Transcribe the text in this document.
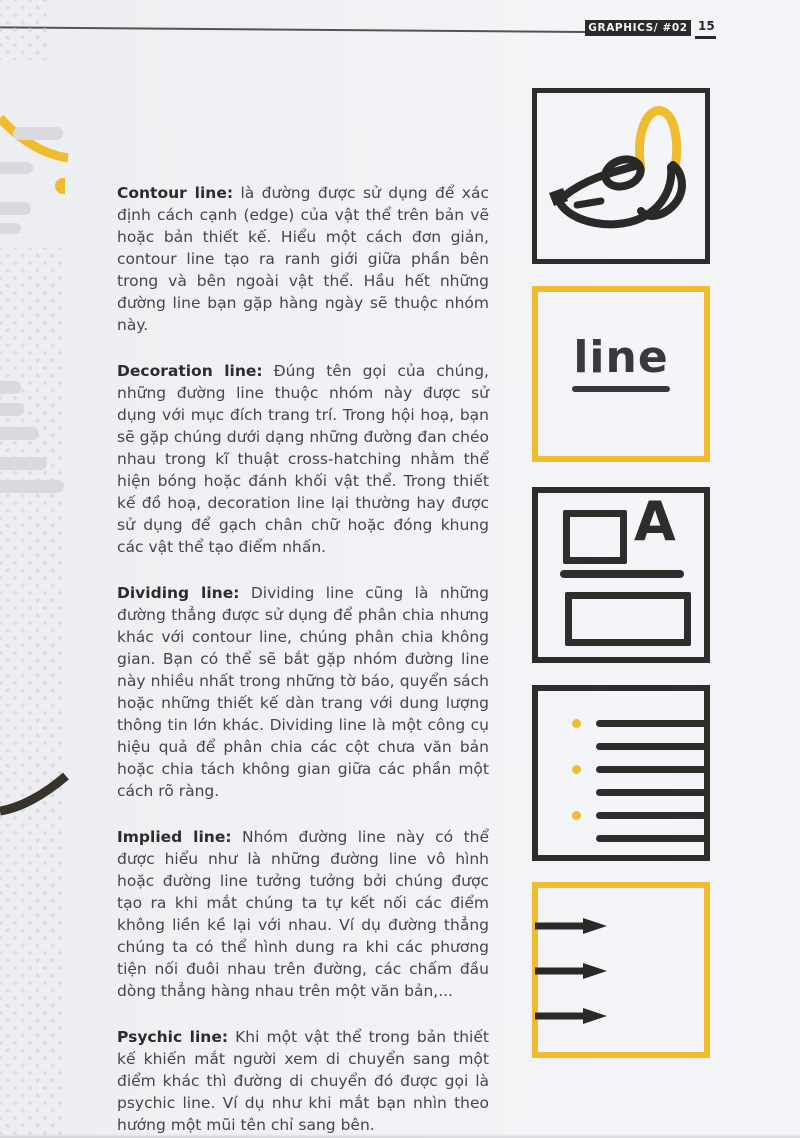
GRAPHICS/ #02 15

Contour line: là đường được sử dụng để xác định cách cạnh (edge) của vật thể trên bản vẽ hoặc bản thiết kế. Hiểu một cách đơn giản, contour line tạo ra ranh giới giữa phần bên trong và bên ngoài vật thể. Hầu hết những đường line bạn gặp hàng ngày sẽ thuộc nhóm này.

Decoration line: Đúng tên gọi của chúng, những đường line thuộc nhóm này được sử dụng với mục đích trang trí. Trong hội hoạ, bạn sẽ gặp chúng dưới dạng những đường đan chéo nhau trong kĩ thuật cross-hatching nhằm thể hiện bóng hoặc đánh khối vật thể. Trong thiết kế đồ hoạ, decoration line lại thường hay được sử dụng để gạch chân chữ hoặc đóng khung các vật thể tạo điểm nhấn.

Dividing line: Dividing line cũng là những đường thẳng được sử dụng để phân chia nhưng khác với contour line, chúng phân chia không gian. Bạn có thể sẽ bắt gặp nhóm đường line này nhiều nhất trong những tờ báo, quyển sách hoặc những thiết kế dàn trang với dung lượng thông tin lớn khác. Dividing line là một công cụ hiệu quả để phân chia các cột chưa văn bản hoặc chia tách không gian giữa các phần một cách rõ ràng.

Implied line: Nhóm đường line này có thể được hiểu như là những đường line vô hình hoặc đường line tưởng tưởng bởi chúng được tạo ra khi mắt chúng ta tự kết nối các điểm không liền kề lại với nhau. Ví dụ đường thẳng chúng ta có thể hình dung ra khi các phương tiện nối đuôi nhau trên đường, các chấm đầu dòng thẳng hàng nhau trên một văn bản,...

Psychic line: Khi một vật thể trong bản thiết kế khiến mắt người xem di chuyển sang một điểm khác thì đường di chuyển đó được gọi là psychic line. Ví dụ như khi mắt bạn nhìn theo hướng một mũi tên chỉ sang bên.

line
A
